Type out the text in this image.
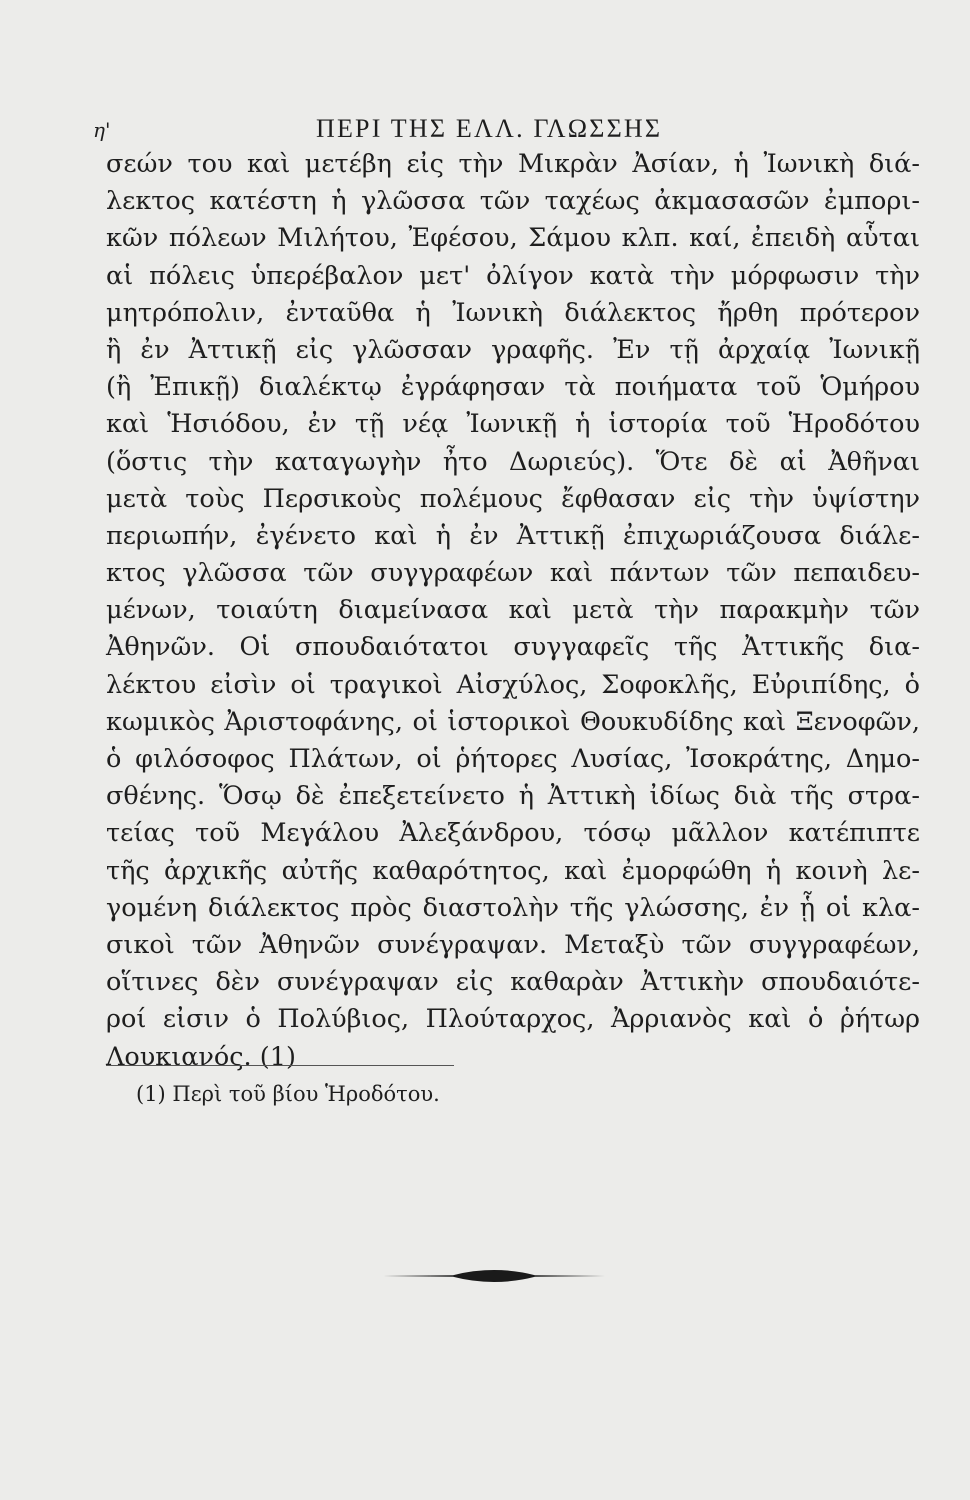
η'	ΠΕΡΙ ΤΗΣ ΕΛΛ. ΓΛΩΣΣΗΣ
σεών του καὶ μετέβη εἰς τὴν Μικρὰν Ἀσίαν, ἡ Ἰωνικὴ διά-
λεκτος κατέστη ἡ γλῶσσα τῶν ταχέως ἀκμασασῶν ἐμπορι-
κῶν πόλεων Μιλήτου, Ἐφέσου, Σάμου κλπ. καί, ἐπειδὴ αὗται
αἱ πόλεις ὑπερέβαλον μετ' ὀλίγον κατὰ τὴν μόρφωσιν τὴν
μητρόπολιν, ἐνταῦθα ἡ Ἰωνικὴ διάλεκτος ἤρθη πρότερον
ἢ ἐν Ἀττικῇ εἰς γλῶσσαν γραφῆς. Ἐν τῇ ἀρχαίᾳ Ἰωνικῇ
(ἢ Ἐπικῇ) διαλέκτῳ ἐγράφησαν τὰ ποιήματα τοῦ Ὁμήρου
καὶ Ἡσιόδου, ἐν τῇ νέᾳ Ἰωνικῇ ἡ ἱστορία τοῦ Ἡροδότου
(ὅστις τὴν καταγωγὴν ἦτο Δωριεύς). Ὅτε δὲ αἱ Ἀθῆναι
μετὰ τοὺς Περσικοὺς πολέμους ἔφθασαν εἰς τὴν ὑψίστην
περιωπήν, ἐγένετο καὶ ἡ ἐν Ἀττικῇ ἐπιχωριάζουσα διάλε-
κτος γλῶσσα τῶν συγγραφέων καὶ πάντων τῶν πεπαιδευ-
μένων, τοιαύτη διαμείνασα καὶ μετὰ τὴν παρακμὴν τῶν
Ἀθηνῶν. Οἱ σπουδαιότατοι συγγαφεῖς τῆς Ἀττικῆς δια-
λέκτου εἰσὶν οἱ τραγικοὶ Αἰσχύλος, Σοφοκλῆς, Εὐριπίδης, ὁ
κωμικὸς Ἀριστοφάνης, οἱ ἱστορικοὶ Θουκυδίδης καὶ Ξενοφῶν,
ὁ φιλόσοφος Πλάτων, οἱ ῥήτορες Λυσίας, Ἰσοκράτης, Δημο-
σθένης. Ὅσῳ δὲ ἐπεξετείνετο ἡ Ἀττικὴ ἰδίως διὰ τῆς στρα-
τείας τοῦ Μεγάλου Ἀλεξάνδρου, τόσῳ μᾶλλον κατέπιπτε
τῆς ἀρχικῆς αὐτῆς καθαρότητος, καὶ ἐμορφώθη ἡ κοινὴ λε-
γομένη διάλεκτος πρὸς διαστολὴν τῆς γλώσσης, ἐν ᾗ οἱ κλα-
σικοὶ τῶν Ἀθηνῶν συνέγραψαν. Μεταξὺ τῶν συγγραφέων,
οἵτινες δὲν συνέγραψαν εἰς καθαρὰν Ἀττικὴν σπουδαιότε-
ροί εἰσιν ὁ Πολύβιος, Πλούταρχος, Ἀρριανὸς καὶ ὁ ῥήτωρ
Λουκιανός. (1)
(1) Περὶ τοῦ βίου Ἡροδότου.
